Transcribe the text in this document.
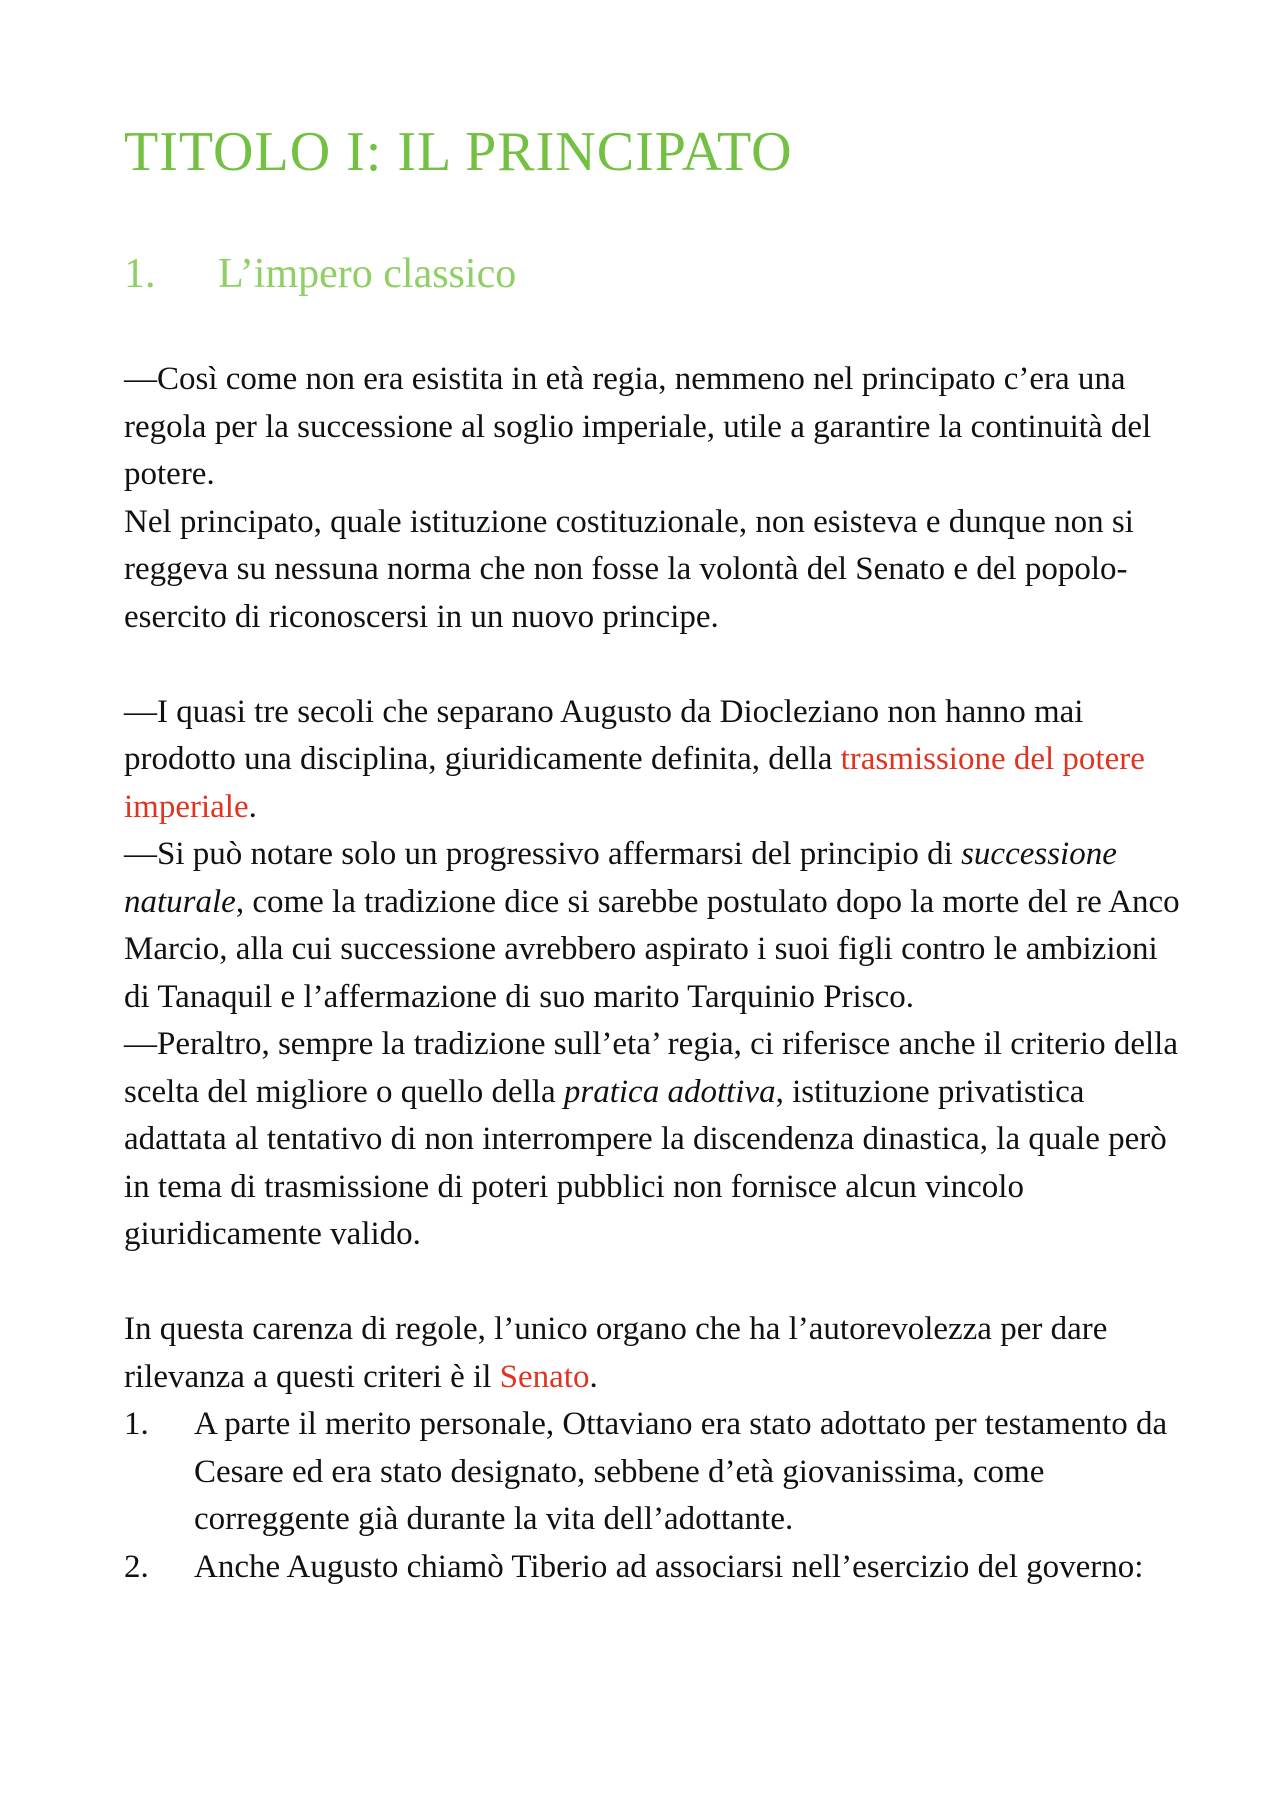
TITOLO I: IL PRINCIPATO
1. L’impero classico

—Così come non era esistita in età regia, nemmeno nel principato c’era una regola per la successione al soglio imperiale, utile a garantire la continuità del potere.

Nel principato, quale istituzione costituzionale, non esisteva e dunque non si reggeva su nessuna norma che non fosse la volontà del Senato e del popolo-esercito di riconoscersi in un nuovo principe.

—I quasi tre secoli che separano Augusto da Diocleziano non hanno mai prodotto una disciplina, giuridicamente definita, della trasmissione del potere imperiale.

—Si può notare solo un progressivo affermarsi del principio di successione naturale, come la tradizione dice si sarebbe postulato dopo la morte del re Anco Marcio, alla cui successione avrebbero aspirato i suoi figli contro le ambizioni di Tanaquil e l’affermazione di suo marito Tarquinio Prisco.

—Peraltro, sempre la tradizione sull’eta’ regia, ci riferisce anche il criterio della scelta del migliore o quello della pratica adottiva, istituzione privatistica adattata al tentativo di non interrompere la discendenza dinastica, la quale però in tema di trasmissione di poteri pubblici non fornisce alcun vincolo giuridicamente valido.

In questa carenza di regole, l’unico organo che ha l’autorevolezza per dare rilevanza a questi criteri è il Senato.

1. A parte il merito personale, Ottaviano era stato adottato per testamento da Cesare ed era stato designato, sebbene d’età giovanissima, come correggente già durante la vita dell’adottante.
2. Anche Augusto chiamò Tiberio ad associarsi nell’esercizio del governo:
